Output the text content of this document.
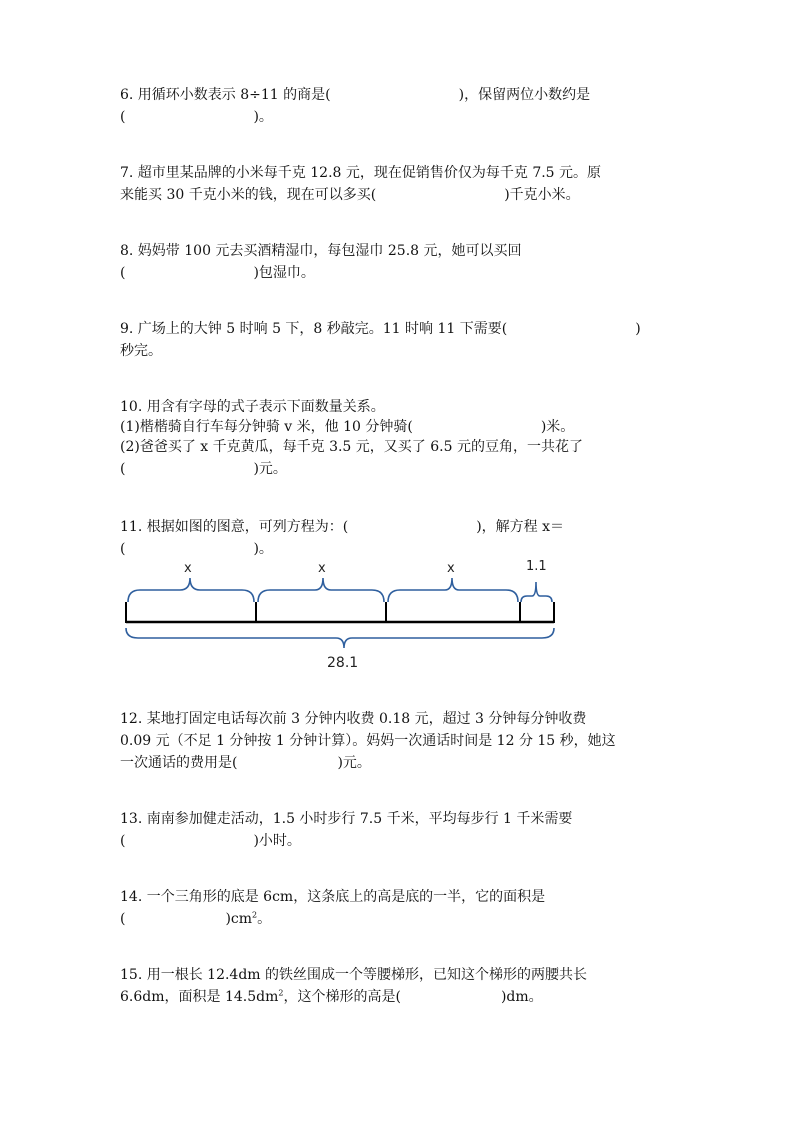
6. 用循环小数表示 8÷11 的商是(	)，保留两位小数约是
(	)。
7. 超市里某品牌的小米每千克 12.8 元，现在促销售价仅为每千克 7.5 元。原
来能买 30 千克小米的钱，现在可以多买(	)千克小米。
8. 妈妈带 100 元去买酒精湿巾，每包湿巾 25.8 元，她可以买回
(	)包湿巾。
9. 广场上的大钟 5 时响 5 下，8 秒敲完。11 时响 11 下需要(	)
秒完。
10. 用含有字母的式子表示下面数量关系。
(1)楷楷骑自行车每分钟骑 v 米，他 10 分钟骑(	)米。
(2)爸爸买了 x 千克黄瓜，每千克 3.5 元，又买了 6.5 元的豆角，一共花了
(	)元。
11. 根据如图的图意，可列方程为：(	)，解方程 x＝
(	)。
x	x	x	1.1
28.1
12. 某地打固定电话每次前 3 分钟内收费 0.18 元，超过 3 分钟每分钟收费
0.09 元（不足 1 分钟按 1 分钟计算）。妈妈一次通话时间是 12 分 15 秒，她这
一次通话的费用是(	)元。
13. 南南参加健走活动，1.5 小时步行 7.5 千米，平均每步行 1 千米需要
(	)小时。
14. 一个三角形的底是 6cm，这条底上的高是底的一半，它的面积是
(	)$cm^2$。
15. 用一根长 12.4dm 的铁丝围成一个等腰梯形，已知这个梯形的两腰共长
6.6dm，面积是 $14.5dm^2$，这个梯形的高是(	)dm。
